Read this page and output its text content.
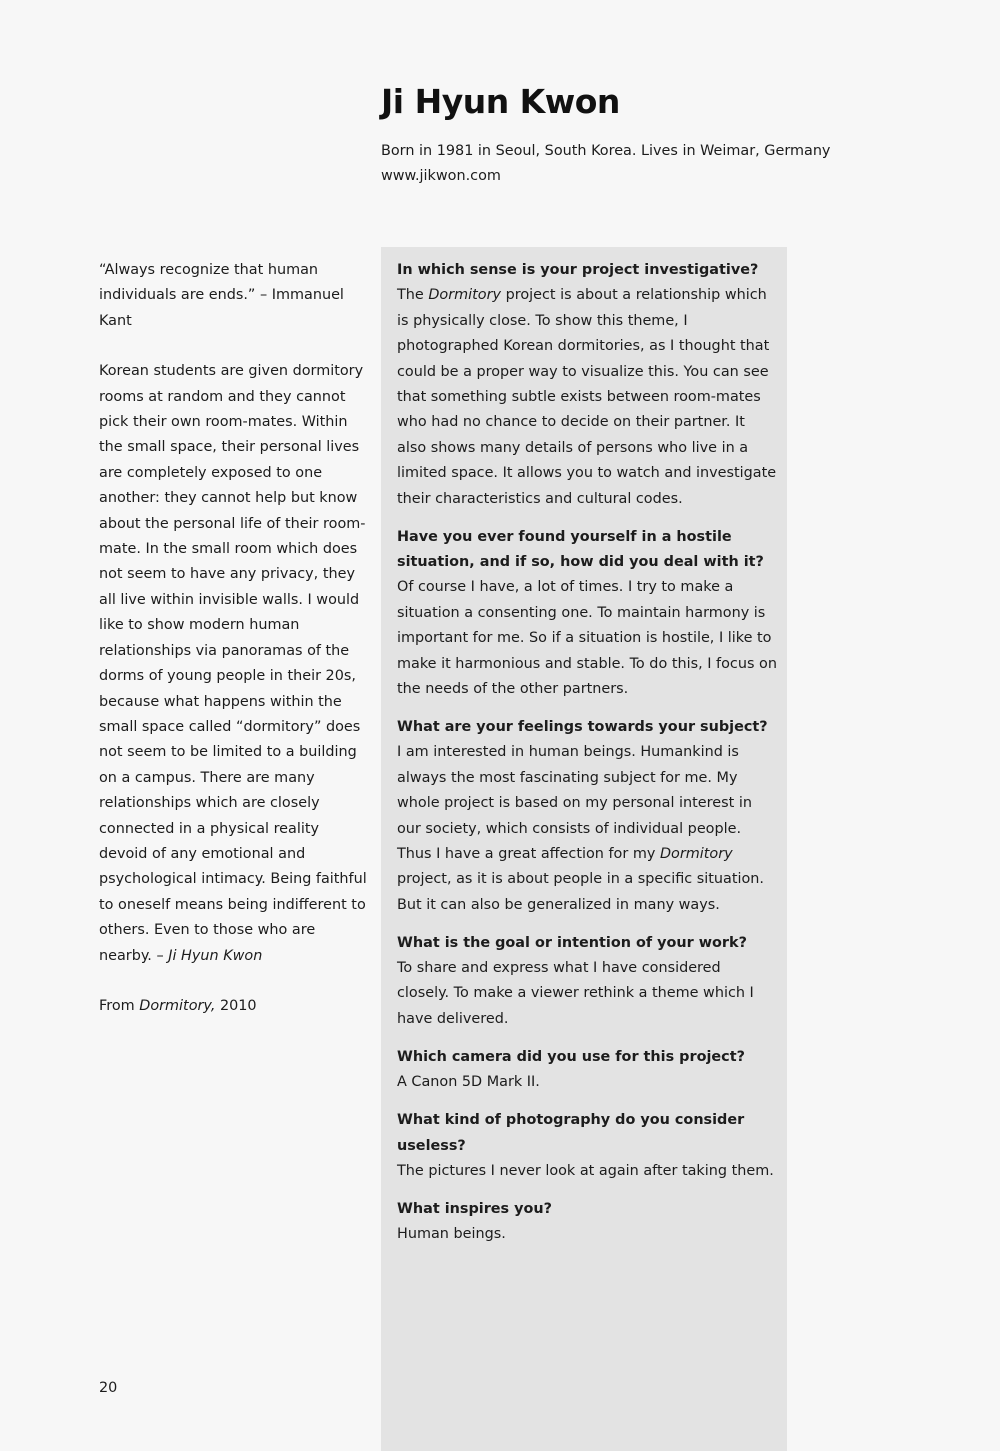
Ji Hyun Kwon

Born in 1981 in Seoul, South Korea. Lives in Weimar, Germany

www.jikwon.com

“Always recognize that human individuals are ends.” – Immanuel Kant

Korean students are given dormitory rooms at random and they cannot pick their own room-mates. Within the small space, their personal lives are completely exposed to one another: they cannot help but know about the personal life of their room-mate. In the small room which does not seem to have any privacy, they all live within invisible walls. I would like to show modern human relationships via panoramas of the dorms of young people in their 20s, because what happens within the small space called “dormitory” does not seem to be limited to a building on a campus. There are many relationships which are closely connected in a physical reality devoid of any emotional and psychological intimacy. Being faithful to oneself means being indifferent to others. Even to those who are nearby. – Ji Hyun Kwon

From Dormitory, 2010

In which sense is your project investigative?

The Dormitory project is about a relationship which is physically close. To show this theme, I photographed Korean dormitories, as I thought that could be a proper way to visualize this. You can see that something subtle exists between room-mates who had no chance to decide on their partner. It also shows many details of persons who live in a limited space. It allows you to watch and investigate their characteristics and cultural codes.

Have you ever found yourself in a hostile situation, and if so, how did you deal with it?

Of course I have, a lot of times. I try to make a situation a consenting one. To maintain harmony is important for me. So if a situation is hostile, I like to make it harmonious and stable. To do this, I focus on the needs of the other partners.

What are your feelings towards your subject?

I am interested in human beings. Humankind is always the most fascinating subject for me. My whole project is based on my personal interest in our society, which consists of individual people. Thus I have a great affection for my Dormitory project, as it is about people in a specific situation. But it can also be generalized in many ways.

What is the goal or intention of your work?

To share and express what I have considered closely. To make a viewer rethink a theme which I have delivered.

Which camera did you use for this project?

A Canon 5D Mark II.

What kind of photography do you consider useless?

The pictures I never look at again after taking them.

What inspires you?

Human beings.

20
